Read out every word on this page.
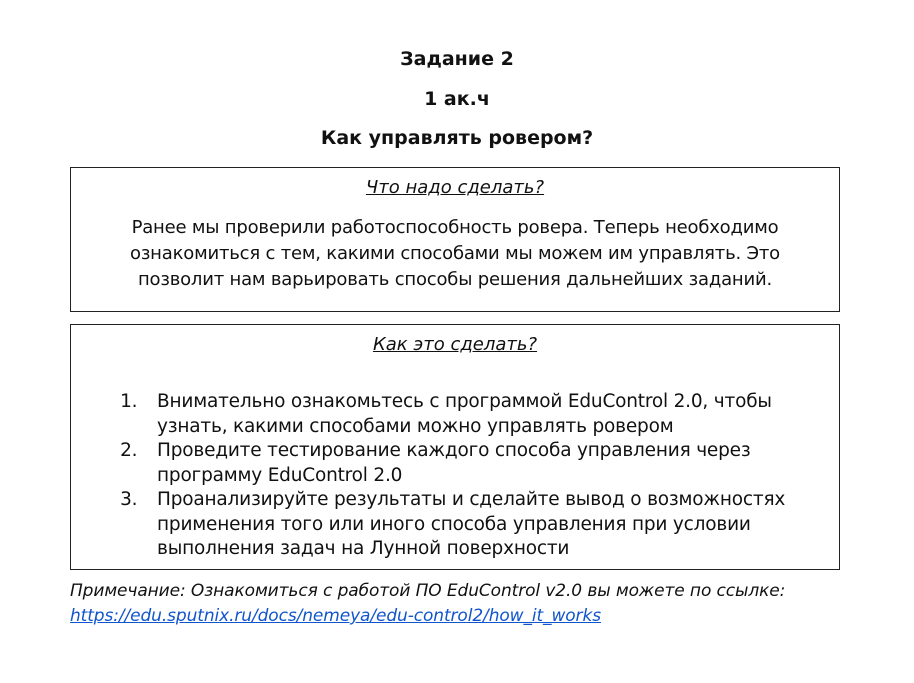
Задание 2
1 ак.ч
Как управлять ровером?
Что надо сделать?
Ранее мы проверили работоспособность ровера. Теперь необходимо ознакомиться с тем, какими способами мы можем им управлять. Это позволит нам варьировать способы решения дальнейших заданий.
Как это сделать?
1. Внимательно ознакомьтесь с программой EduControl 2.0, чтобы узнать, какими способами можно управлять ровером
2. Проведите тестирование каждого способа управления через программу EduControl 2.0
3. Проанализируйте результаты и сделайте вывод о возможностях применения того или иного способа управления при условии выполнения задач на Лунной поверхности
Примечание: Ознакомиться с работой ПО EduControl v2.0 вы можете по ссылке: https://edu.sputnix.ru/docs/nemeya/edu-control2/how_it_works
